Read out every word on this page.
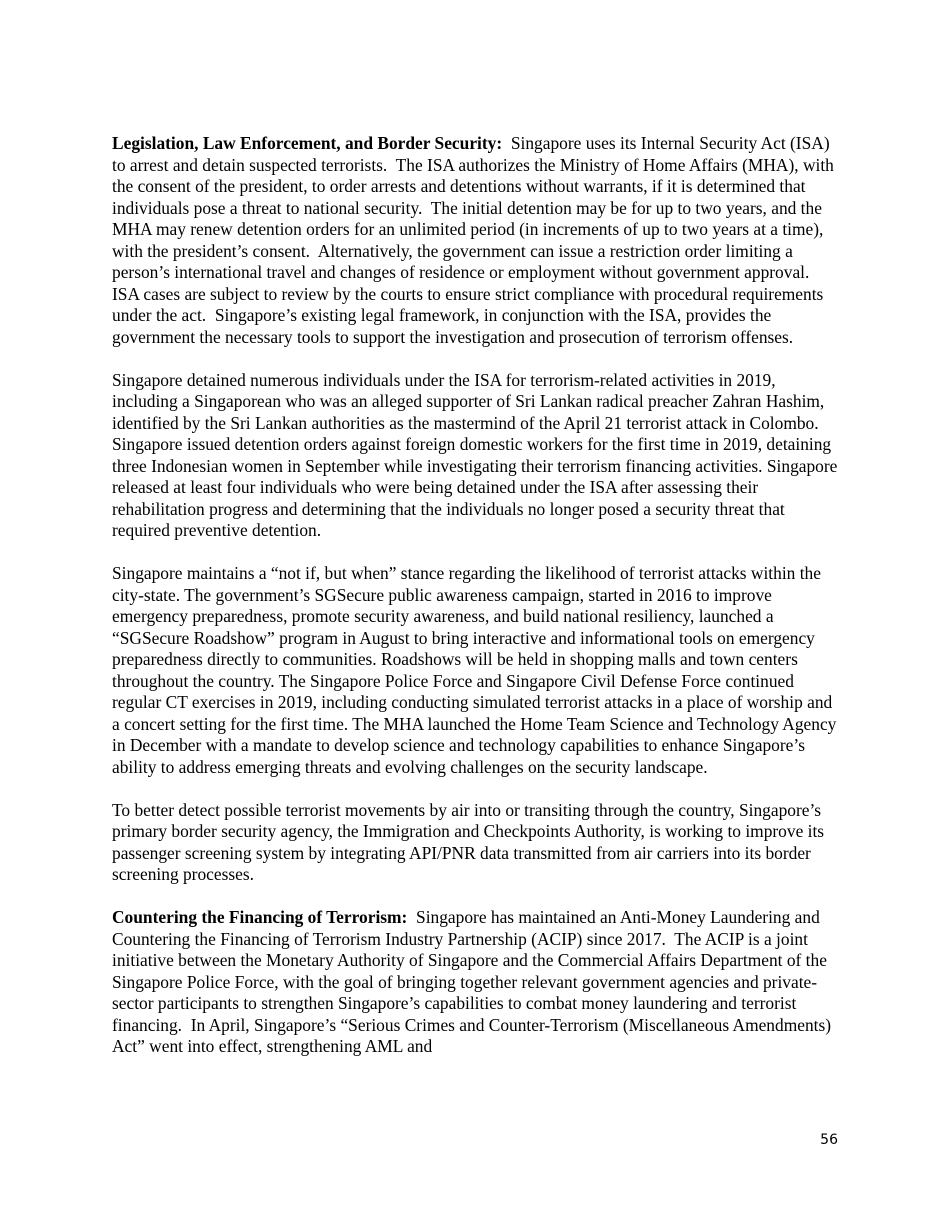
Legislation, Law Enforcement, and Border Security:  Singapore uses its Internal Security Act (ISA) to arrest and detain suspected terrorists.  The ISA authorizes the Ministry of Home Affairs (MHA), with the consent of the president, to order arrests and detentions without warrants, if it is determined that individuals pose a threat to national security.  The initial detention may be for up to two years, and the MHA may renew detention orders for an unlimited period (in increments of up to two years at a time), with the president’s consent.  Alternatively, the government can issue a restriction order limiting a person’s international travel and changes of residence or employment without government approval.  ISA cases are subject to review by the courts to ensure strict compliance with procedural requirements under the act.  Singapore’s existing legal framework, in conjunction with the ISA, provides the government the necessary tools to support the investigation and prosecution of terrorism offenses.

Singapore detained numerous individuals under the ISA for terrorism-related activities in 2019, including a Singaporean who was an alleged supporter of Sri Lankan radical preacher Zahran Hashim, identified by the Sri Lankan authorities as the mastermind of the April 21 terrorist attack in Colombo. Singapore issued detention orders against foreign domestic workers for the first time in 2019, detaining three Indonesian women in September while investigating their terrorism financing activities. Singapore released at least four individuals who were being detained under the ISA after assessing their rehabilitation progress and determining that the individuals no longer posed a security threat that required preventive detention.

Singapore maintains a “not if, but when” stance regarding the likelihood of terrorist attacks within the city-state. The government’s SGSecure public awareness campaign, started in 2016 to improve emergency preparedness, promote security awareness, and build national resiliency, launched a “SGSecure Roadshow” program in August to bring interactive and informational tools on emergency preparedness directly to communities. Roadshows will be held in shopping malls and town centers throughout the country. The Singapore Police Force and Singapore Civil Defense Force continued regular CT exercises in 2019, including conducting simulated terrorist attacks in a place of worship and a concert setting for the first time. The MHA launched the Home Team Science and Technology Agency in December with a mandate to develop science and technology capabilities to enhance Singapore’s ability to address emerging threats and evolving challenges on the security landscape.

To better detect possible terrorist movements by air into or transiting through the country, Singapore’s primary border security agency, the Immigration and Checkpoints Authority, is working to improve its passenger screening system by integrating API/PNR data transmitted from air carriers into its border screening processes.

Countering the Financing of Terrorism:  Singapore has maintained an Anti-Money Laundering and Countering the Financing of Terrorism Industry Partnership (ACIP) since 2017.  The ACIP is a joint initiative between the Monetary Authority of Singapore and the Commercial Affairs Department of the Singapore Police Force, with the goal of bringing together relevant government agencies and private-sector participants to strengthen Singapore’s capabilities to combat money laundering and terrorist financing.  In April, Singapore’s “Serious Crimes and Counter-Terrorism (Miscellaneous Amendments) Act” went into effect, strengthening AML and

56
